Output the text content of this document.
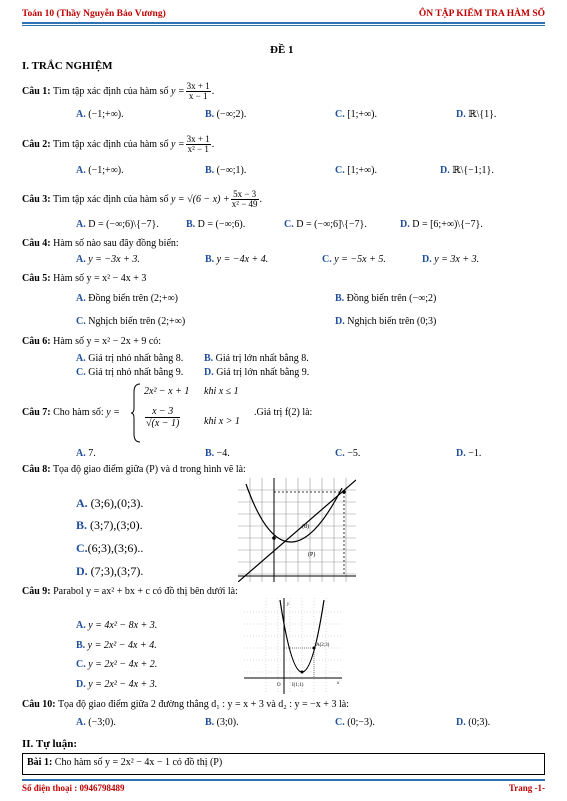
Toán 10 (Thầy Nguyễn Bảo Vương)	ÔN TẬP KIỂM TRA HÀM SỐ
ĐỀ 1
I. TRẮC NGHIỆM
Câu 1: Tìm tập xác định của hàm số $y = \frac{3x + 1}{x - 1}$ .
A. (−1;+∞).	B. (−∞;2).	C. [1;+∞).	D. ℝ\{1}.
Câu 2: Tìm tập xác định của hàm số $y = \frac{3x + 1}{\text{x² − 1}}$ .
A. (−1;+∞).	B. (−∞;1).	C. [1;+∞).	D. ℝ\{−1;1}.
Câu 3: Tìm tập xác định của hàm số $y = √(6 - x) + \frac{5x - 3}{\text{x² − 49}}$ .
A. D = (−∞;6)\{−7}.	B. D = (−∞;6).	C. D = (−∞;6]\{−7}.	D. D = [6;+∞)\{−7}.
Câu 4: Hàm số nào sau đây đồng biến:
A. y = −3x + 3.	B. y = −4x + 4.	C. y = −5x + 5.	D. y = 3x + 3.
Câu 5: Hàm số y = x² − 4x + 3
A. Đồng biến trên (2;+∞)	B. Đồng biến trên (−∞;2)
C. Nghịch biến trên (2;+∞)	D. Nghịch biến trên (0;3)
Câu 6: Hàm số y = x² − 2x + 9 có:
A. Giá trị nhỏ nhất bằng 8. B. Giá trị lớn nhất bằng 8.
C. Giá trị nhỏ nhất bằng 9. D. Giá trị lớn nhất bằng 9.
Câu 7: Cho hàm số: y =
2x² − x + 1 khi x ≤ 1
$\frac{x - 3}{√(x - 1)}$ khi x > 1
.Giá trị f(2) là:
A. 7.	B. −4.	C. −5.	D. −1.
Câu 8: Tọa độ giao điểm giữa (P) và d trong hình vẽ là:
A. (3;6),(0;3).
B. (3;7),(3;0).
C.(6;3),(3;6)..
D. (7;3),(3;7).
(d)
(P)
Câu 9: Parabol y = ax² + bx + c có đồ thị bên dưới là:
A. y = 4x² − 8x + 3.
B. y = 2x² − 4x + 4.
C. y = 2x² − 4x + 2.
D. y = 2x² − 4x + 3.
A(2;3)
I(1;1)
O	x
y
Câu 10: Tọa độ giao điểm giữa 2 đường thẳng d₁ : y = x + 3 và d₂ : y = −x + 3 là:
A. (−3;0).	B. (3;0).	C. (0;−3).	D. (0;3).
II. Tự luận:
Bài 1: Cho hàm số y = 2x² − 4x − 1 có đồ thị (P)
Số điện thoại : 0946798489	Trang -1-
